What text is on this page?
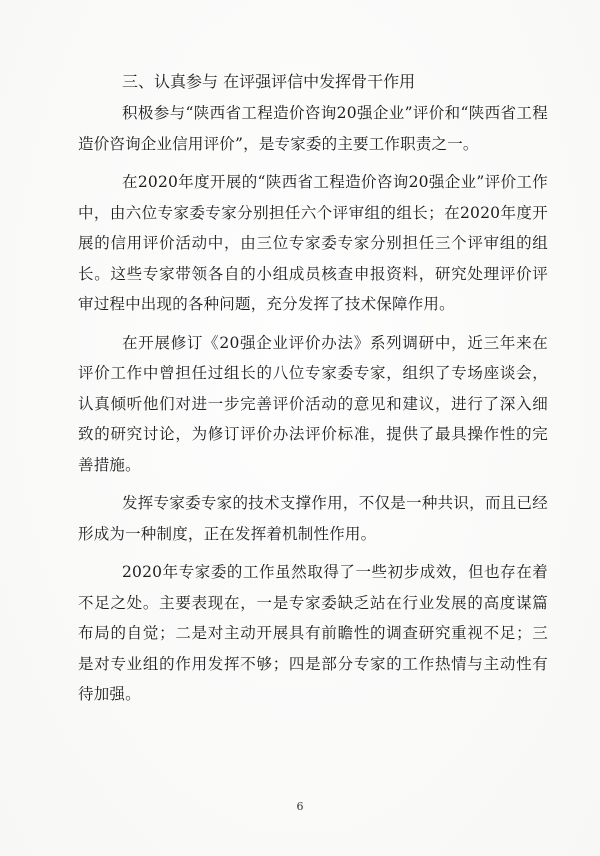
三、认真参与 在评强评信中发挥骨干作用

积极参与“陕西省工程造价咨询20强企业”评价和“陕西省工程造价咨询企业信用评价”，是专家委的主要工作职责之一。

在2020年度开展的“陕西省工程造价咨询20强企业”评价工作中，由六位专家委专家分别担任六个评审组的组长；在2020年度开展的信用评价活动中，由三位专家委专家分别担任三个评审组的组长。这些专家带领各自的小组成员核查申报资料，研究处理评价评审过程中出现的各种问题，充分发挥了技术保障作用。

在开展修订《20强企业评价办法》系列调研中，近三年来在评价工作中曾担任过组长的八位专家委专家，组织了专场座谈会，认真倾听他们对进一步完善评价活动的意见和建议，进行了深入细致的研究讨论，为修订评价办法评价标准，提供了最具操作性的完善措施。

发挥专家委专家的技术支撑作用，不仅是一种共识，而且已经形成为一种制度，正在发挥着机制性作用。

2020年专家委的工作虽然取得了一些初步成效，但也存在着不足之处。主要表现在，一是专家委缺乏站在行业发展的高度谋篇布局的自觉；二是对主动开展具有前瞻性的调查研究重视不足；三是对专业组的作用发挥不够；四是部分专家的工作热情与主动性有待加强。

6
